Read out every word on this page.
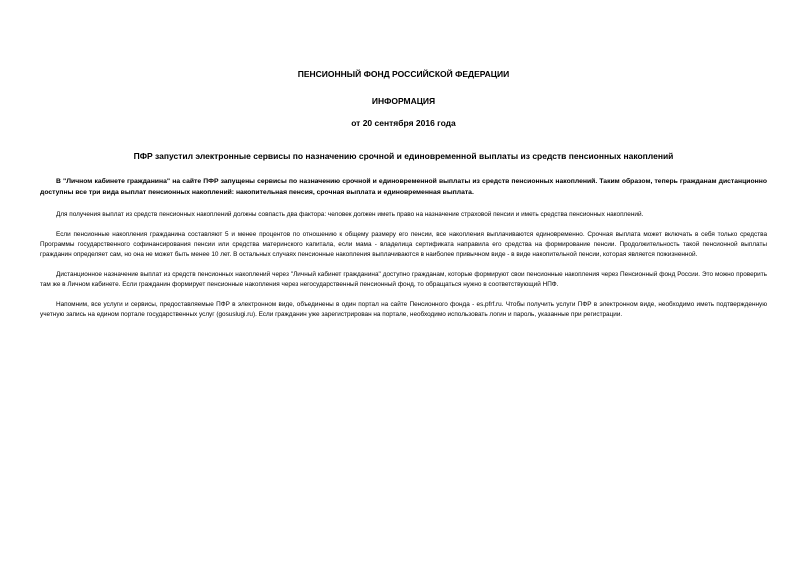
ПЕНСИОННЫЙ ФОНД РОССИЙСКОЙ ФЕДЕРАЦИИ
ИНФОРМАЦИЯ
от 20 сентября 2016 года
ПФР запустил электронные сервисы по назначению срочной и единовременной выплаты из средств пенсионных накоплений

В "Личном кабинете гражданина" на сайте ПФР запущены сервисы по назначению срочной и единовременной выплаты из средств пенсионных накоплений. Таким образом, теперь гражданам дистанционно доступны все три вида выплат пенсионных накоплений: накопительная пенсия, срочная выплата и единовременная выплата.

Для получения выплат из средств пенсионных накоплений должны совпасть два фактора: человек должен иметь право на назначение страховой пенсии и иметь средства пенсионных накоплений.

Если пенсионные накопления гражданина составляют 5 и менее процентов по отношению к общему размеру его пенсии, все накопления выплачиваются единовременно. Срочная выплата может включать в себя только средства Программы государственного софинансирования пенсии или средства материнского капитала, если мама - владелица сертификата направила его средства на формирование пенсии. Продолжительность такой пенсионной выплаты гражданин определяет сам, но она не может быть менее 10 лет. В остальных случаях пенсионные накопления выплачиваются в наиболее привычном виде - в виде накопительной пенсии, которая является пожизненной.

Дистанционное назначение выплат из средств пенсионных накоплений через "Личный кабинет гражданина" доступно гражданам, которые формируют свои пенсионные накопления через Пенсионный фонд России. Это можно проверить там же в Личном кабинете. Если гражданин формирует пенсионные накопления через негосударственный пенсионный фонд, то обращаться нужно в соответствующий НПФ.

Напомним, все услуги и сервисы, предоставляемые ПФР в электронном виде, объединены в один портал на сайте Пенсионного фонда - es.pfrf.ru. Чтобы получить услуги ПФР в электронном виде, необходимо иметь подтвержденную учетную запись на едином портале государственных услуг (gosuslugi.ru). Если гражданин уже зарегистрирован на портале, необходимо использовать логин и пароль, указанные при регистрации.
